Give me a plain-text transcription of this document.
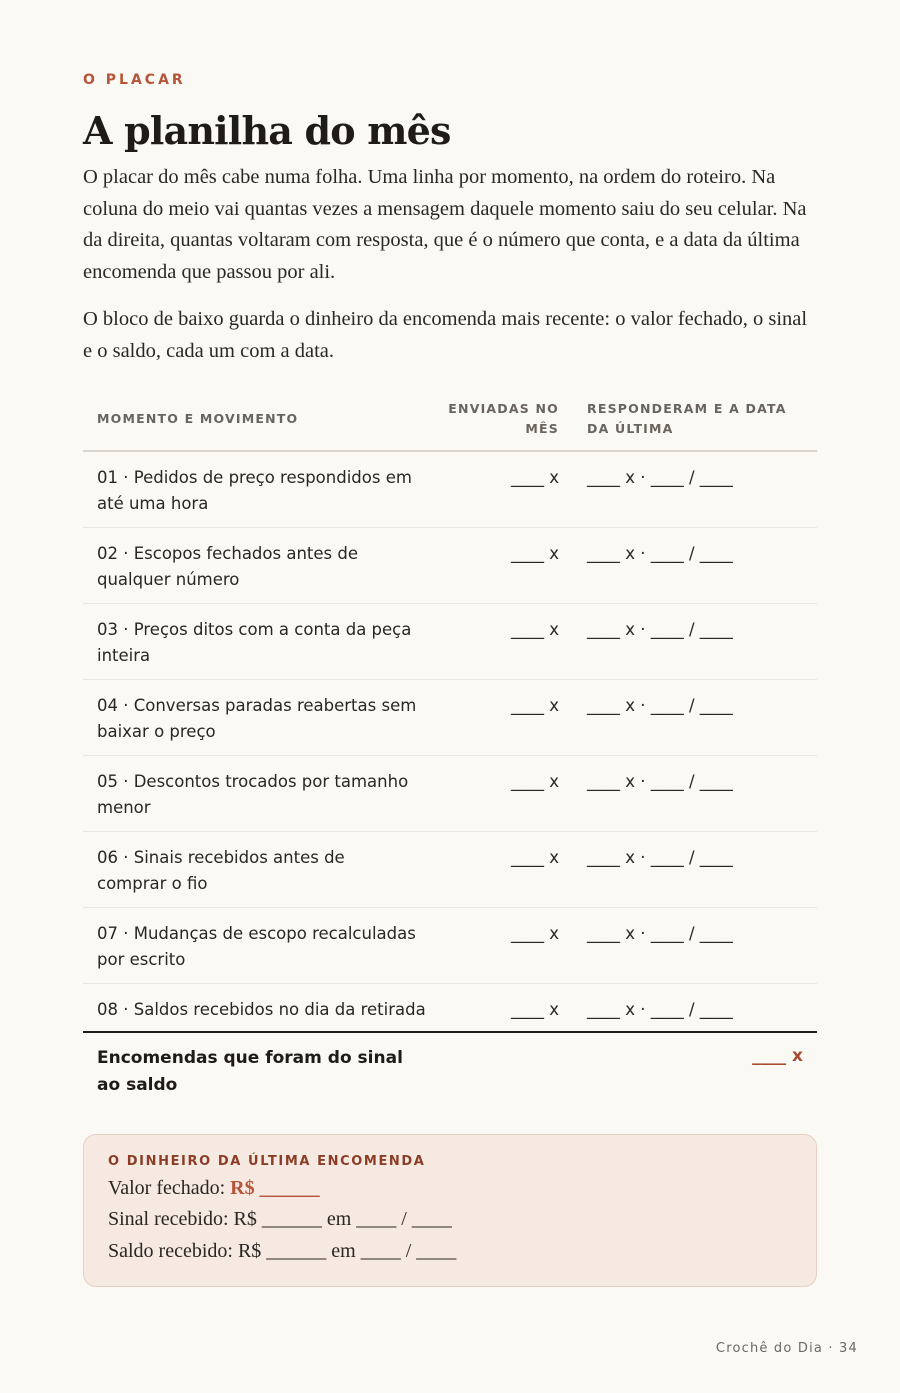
O PLACAR
A planilha do mês

O placar do mês cabe numa folha. Uma linha por momento, na ordem do roteiro. Na coluna do meio vai quantas vezes a mensagem daquele momento saiu do seu celular. Na da direita, quantas voltaram com resposta, que é o número que conta, e a data da última encomenda que passou por ali.

O bloco de baixo guarda o dinheiro da encomenda mais recente: o valor fechado, o sinal e o saldo, cada um com a data.

MOMENTO E MOVIMENTO
ENVIADAS NO MÊS
RESPONDERAM E A DATA DA ÚLTIMA
01 · Pedidos de preço respondidos em até uma hora
____ x ____ x · ____ / ____
02 · Escopos fechados antes de qualquer número
____ x ____ x · ____ / ____
03 · Preços ditos com a conta da peça inteira
____ x ____ x · ____ / ____
04 · Conversas paradas reabertas sem baixar o preço
____ x ____ x · ____ / ____
05 · Descontos trocados por tamanho menor
____ x ____ x · ____ / ____
06 · Sinais recebidos antes de comprar o fio
____ x ____ x · ____ / ____
07 · Mudanças de escopo recalculadas por escrito
____ x ____ x · ____ / ____
08 · Saldos recebidos no dia da retirada	____ x ____ x · ____ / ____
Encomendas que foram do sinal ao saldo
____ x
O DINHEIRO DA ÚLTIMA ENCOMENDA
Valor fechado: R$ ______
Sinal recebido: R$ ______ em ____ / ____
Saldo recebido: R$ ______ em ____ / ____
Crochê do Dia · 34
